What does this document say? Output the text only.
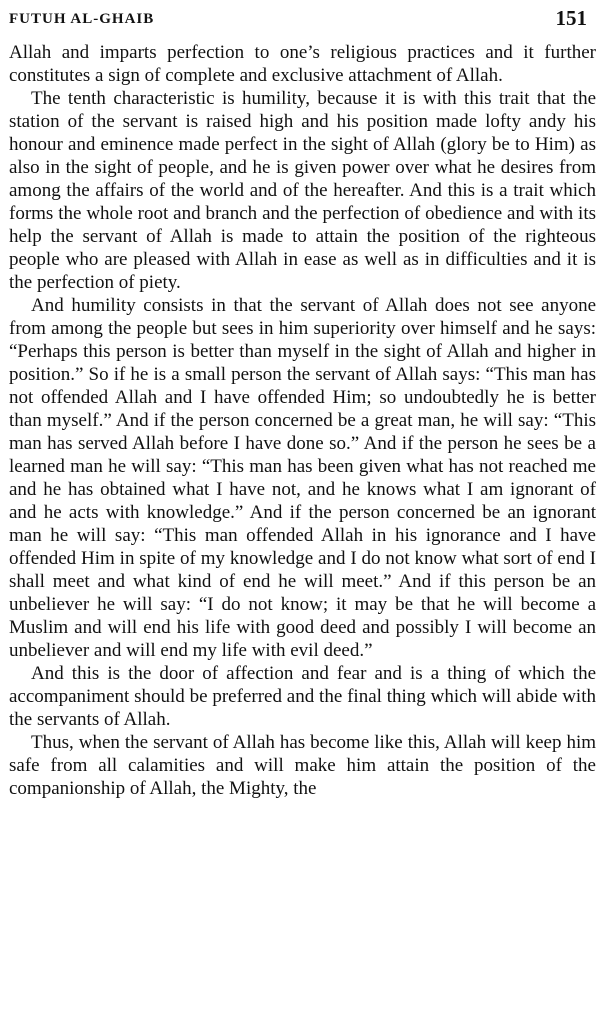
FUTUH AL-GHAIB	151

Allah and imparts perfection to one’s religious practices and it further constitutes a sign of complete and exclusive attachment of Allah.

The tenth characteristic is humility, because it is with this trait that the station of the servant is raised high and his position made lofty andy his honour and eminence made perfect in the sight of Allah (glory be to Him) as also in the sight of people, and he is given power over what he desires from among the affairs of the world and of the hereafter. And this is a trait which forms the whole root and branch and the perfection of obedience and with its help the servant of Allah is made to attain the position of the righteous people who are pleased with Allah in ease as well as in difficulties and it is the perfection of piety.

And humility consists in that the servant of Allah does not see anyone from among the people but sees in him superiority over himself and he says: “Perhaps this person is better than myself in the sight of Allah and higher in position.” So if he is a small person the servant of Allah says: “This man has not offended Allah and I have offended Him; so undoubtedly he is better than myself.” And if the person concerned be a great man, he will say: “This man has served Allah before I have done so.” And if the person he sees be a learned man he will say: “This man has been given what has not reached me and he has obtained what I have not, and he knows what I am ignorant of and he acts with knowledge.” And if the person concerned be an ignorant man he will say: “This man offended Allah in his ignorance and I have offended Him in spite of my knowledge and I do not know what sort of end I shall meet and what kind of end he will meet.” And if this person be an unbeliever he will say: “I do not know; it may be that he will become a Muslim and will end his life with good deed and possibly I will become an unbeliever and will end my life with evil deed.”

And this is the door of affection and fear and is a thing of which the accompaniment should be preferred and the final thing which will abide with the servants of Allah.

Thus, when the servant of Allah has become like this, Allah will keep him safe from all calamities and will make him attain the position of the companionship of Allah, the Mighty, the
